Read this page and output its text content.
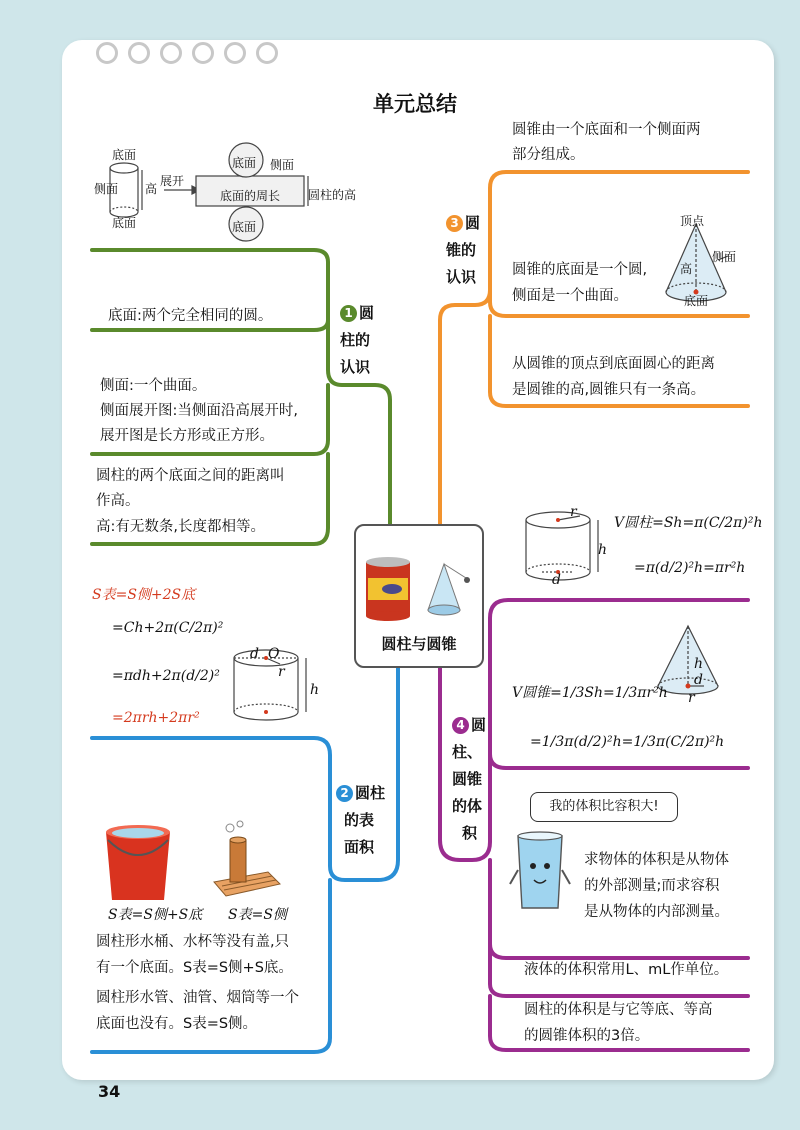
单元总结
底面
侧面
底面
高
展开
底面 侧面
底面的周长
底面
圆柱的高
1 圆
柱的
认识
底面:两个完全相同的圆。
侧面:一个曲面。
侧面展开图:当侧面沿高展开时,
展开图是长方形或正方形。
圆柱的两个底面之间的距离叫
作高。
高:有无数条,长度都相等。
圆锥由一个底面和一个侧面两
部分组成。
3 圆
锥的
认识 圆锥的底面是一个圆,
侧面是一个曲面。
顶点
侧面
高
底面
从圆锥的顶点到底面圆心的距离
是圆锥的高,圆锥只有一条高。
圆柱与圆锥
r
h
d
V圆柱=Sh=π(C/2π)²h
=π(d/2)²h=πr²h
h
d
r
V圆锥=1/3Sh=1/3πr²h
=1/3π(d/2)²h=1/3π(C/2π)²h
4 圆
柱、
圆锥
的体
积
我的体积比容积大!
求物体的体积是从物体
的外部测量;而求容积
是从物体的内部测量。
液体的体积常用L、mL作单位。
圆柱的体积是与它等底、等高
的圆锥体积的3倍。
S表=S侧+2S底
=Ch+2π(C/2π)²
=πdh+2π(d/2)²
=2πrh+2πr²
d O
r
h
2 圆柱
的表
面积
S表=S侧+S底 S表=S侧
圆柱形水桶、水杯等没有盖,只
有一个底面。S表=S侧+S底。
圆柱形水管、油管、烟筒等一个
底面也没有。S表=S侧。
34
